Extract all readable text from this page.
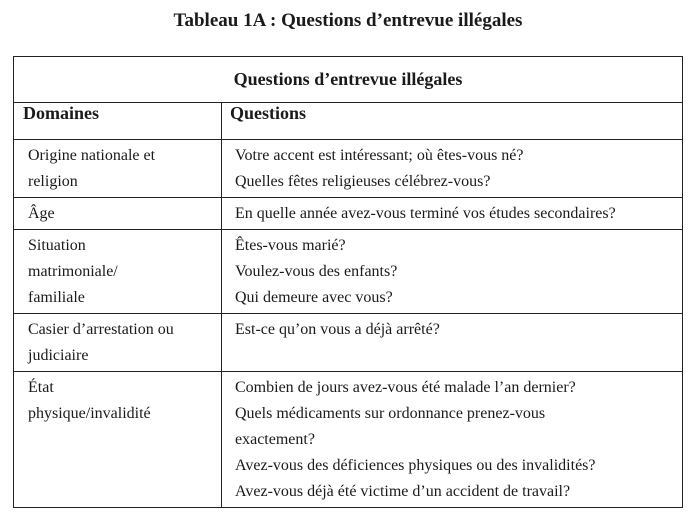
Tableau 1A : Questions d’entrevue illégales
Questions d’entrevue illégales	
Domaines	Questions

Origine nationale et
religion	Votre accent est intéressant; où êtes-vous né?
Quelles fêtes religieuses célébrez-vous?

Âge	En quelle année avez-vous terminé vos études secondaires?

Situation
matrimoniale/
familiale	Êtes-vous marié?
Voulez-vous des enfants?
Qui demeure avec vous?

Casier d’arrestation ou
judiciaire	Est-ce qu’on vous a déjà arrêté?

État
physique/invalidité	Combien de jours avez-vous été malade l’an dernier?
Quels médicaments sur ordonnance prenez-vous
exactement?
Avez-vous des déficiences physiques ou des invalidités?
Avez-vous déjà été victime d’un accident de travail?
